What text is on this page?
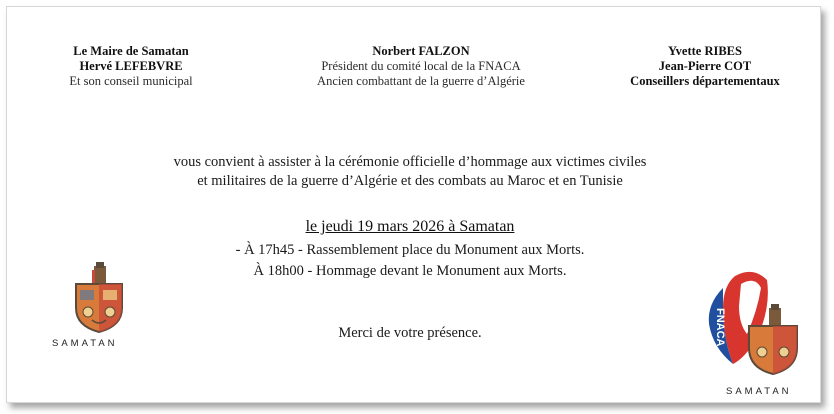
Le Maire de Samatan
Hervé LEFEBVRE
Et son conseil municipal
Norbert FALZON
Président du comité local de la FNACA
Ancien combattant de la guerre d’Algérie
Yvette RIBES
Jean-Pierre COT
Conseillers départementaux
vous convient à assister à la cérémonie officielle d’hommage aux victimes civiles
et militaires de la guerre d’Algérie et des combats au Maroc et en Tunisie
le jeudi 19 mars 2026 à Samatan
- À 17h45 - Rassemblement place du Monument aux Morts.
À 18h00 - Hommage devant le Monument aux Morts.
Merci de votre présence.
SAMATAN	FNACA
SAMATAN
